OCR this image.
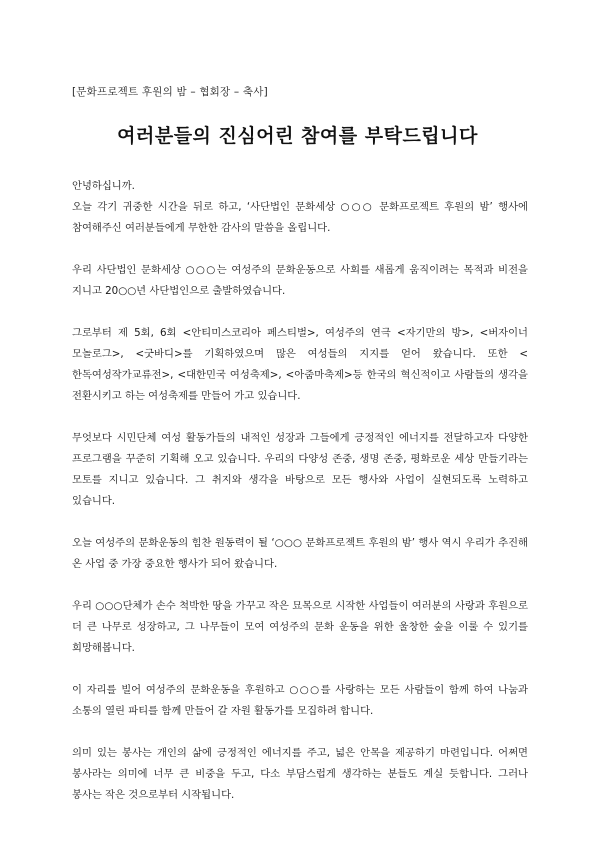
[문화프로젝트 후원의 밤 – 협회장 – 축사]
여러분들의 진심어린 참여를 부탁드립니다

안녕하십니까.

오늘 각기 귀중한 시간을 뒤로 하고, ‘사단법인 문화세상 ○○○ 문화프로젝트 후원의 밤’ 행사에 참여해주신 여러분들에게 무한한 감사의 말씀을 올립니다.

우리 사단법인 문화세상 ○○○는 여성주의 문화운동으로 사회를 새롭게 움직이려는 목적과 비전을 지니고 20○○년 사단법인으로 출발하였습니다.

그로부터 제 5회, 6회 <안티미스코리아 페스티벌>, 여성주의 연극 <자기만의 방>, <버자이너 모놀로그>, <굿바디>를 기획하였으며 많은 여성들의 지지를 얻어 왔습니다. 또한 <한독여성작가교류전>, <대한민국 여성축제>, <아줌마축제>등 한국의 혁신적이고 사람들의 생각을 전환시키고 하는 여성축제를 만들어 가고 있습니다.

무엇보다 시민단체 여성 활동가들의 내적인 성장과 그들에게 긍정적인 에너지를 전달하고자 다양한 프로그램을 꾸준히 기획해 오고 있습니다. 우리의 다양성 존중, 생명 존중, 평화로운 세상 만들기라는 모토를 지니고 있습니다. 그 취지와 생각을 바탕으로 모든 행사와 사업이 실현되도록 노력하고 있습니다.

오늘 여성주의 문화운동의 힘찬 원동력이 될 ‘○○○ 문화프로젝트 후원의 밤’ 행사 역시 우리가 추진해 온 사업 중 가장 중요한 행사가 되어 왔습니다.

우리 ○○○단체가 손수 척박한 땅을 가꾸고 작은 묘목으로 시작한 사업들이 여러분의 사랑과 후원으로 더 큰 나무로 성장하고, 그 나무들이 모여 여성주의 문화 운동을 위한 울창한 숲을 이룰 수 있기를 희망해봅니다.

이 자리를 빌어 여성주의 문화운동을 후원하고 ○○○를 사랑하는 모든 사람들이 함께 하여 나눔과 소통의 열린 파티를 함께 만들어 갈 자원 활동가를 모집하려 합니다.

의미 있는 봉사는 개인의 삶에 긍정적인 에너지를 주고, 넓은 안목을 제공하기 마련입니다. 어쩌면 봉사라는 의미에 너무 큰 비중을 두고, 다소 부담스럽게 생각하는 분들도 계실 듯합니다. 그러나 봉사는 작은 것으로부터 시작됩니다.
